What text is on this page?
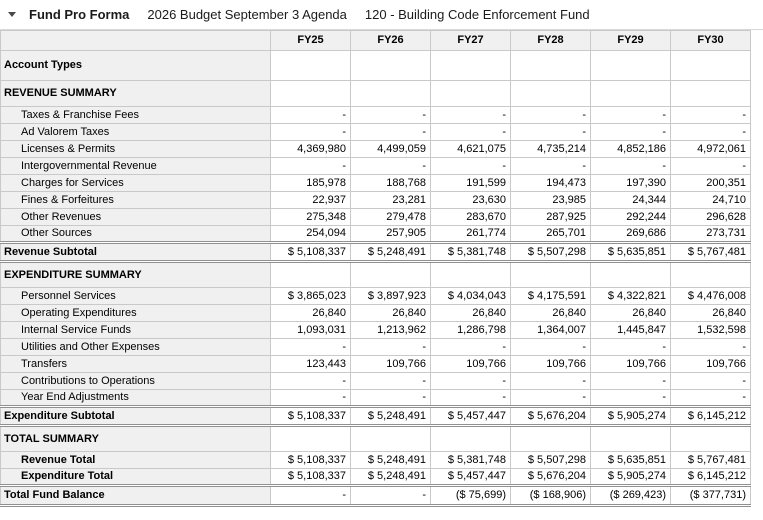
Fund Pro Forma 2026 Budget September 3 Agenda 120 - Building Code Enforcement Fund
	FY25	FY26	FY27	FY28	FY29	FY30
Account Types						
REVENUE SUMMARY						
Taxes & Franchise Fees	-	-	-	-	-	-
Ad Valorem Taxes	-	-	-	-	-	-
Licenses & Permits	4,369,980	4,499,059	4,621,075	4,735,214	4,852,186	4,972,061
Intergovernmental Revenue	-	-	-	-	-	-
Charges for Services	185,978	188,768	191,599	194,473	197,390	200,351
Fines & Forfeitures	22,937	23,281	23,630	23,985	24,344	24,710
Other Revenues	275,348	279,478	283,670	287,925	292,244	296,628
Other Sources	254,094	257,905	261,774	265,701	269,686	273,731
Revenue Subtotal	$ 5,108,337	$ 5,248,491	$ 5,381,748	$ 5,507,298	$ 5,635,851	$ 5,767,481
EXPENDITURE SUMMARY						
Personnel Services	$ 3,865,023	$ 3,897,923	$ 4,034,043	$ 4,175,591	$ 4,322,821	$ 4,476,008
Operating Expenditures	26,840	26,840	26,840	26,840	26,840	26,840
Internal Service Funds	1,093,031	1,213,962	1,286,798	1,364,007	1,445,847	1,532,598
Utilities and Other Expenses	-	-	-	-	-	-
Transfers	123,443	109,766	109,766	109,766	109,766	109,766
Contributions to Operations	-	-	-	-	-	-
Year End Adjustments	-	-	-	-	-	-
Expenditure Subtotal	$ 5,108,337	$ 5,248,491	$ 5,457,447	$ 5,676,204	$ 5,905,274	$ 6,145,212
TOTAL SUMMARY						
Revenue Total	$ 5,108,337	$ 5,248,491	$ 5,381,748	$ 5,507,298	$ 5,635,851	$ 5,767,481
Expenditure Total	$ 5,108,337	$ 5,248,491	$ 5,457,447	$ 5,676,204	$ 5,905,274	$ 6,145,212
Total Fund Balance	-	-	($ 75,699)	($ 168,906)	($ 269,423)	($ 377,731)
